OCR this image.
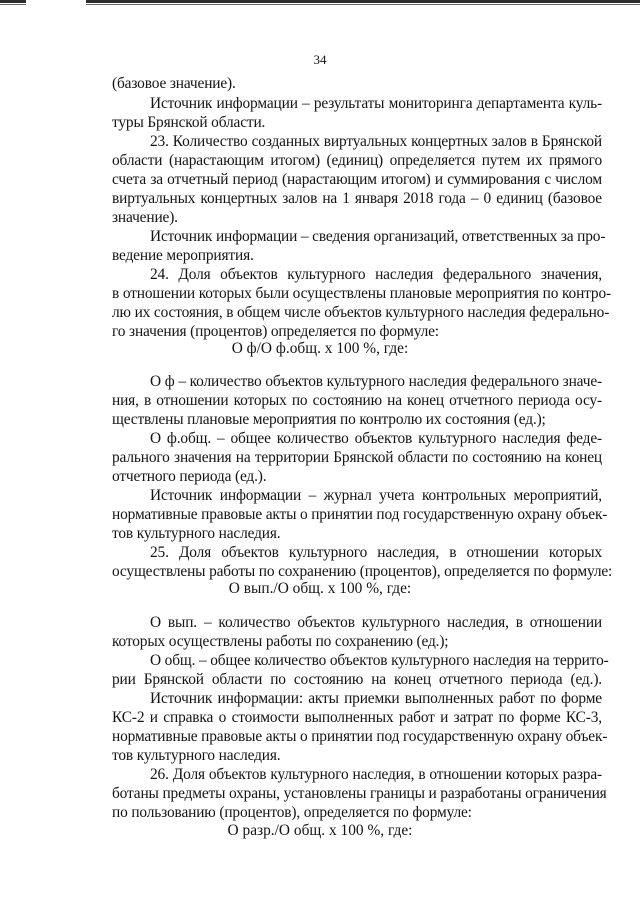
34
(базовое значение).
Источник информации – результаты мониторинга департамента куль-
туры Брянской области.
23. Количество созданных виртуальных концертных залов в Брянской
области (нарастающим итогом) (единиц) определяется путем их прямого
счета за отчетный период (нарастающим итогом) и суммирования с числом
виртуальных концертных залов на 1 января 2018 года – 0 единиц (базовое
значение).
Источник информации – сведения организаций, ответственных за про-
ведение мероприятия.
24. Доля объектов культурного наследия федерального значения,
в отношении которых были осуществлены плановые мероприятия по контро-
лю их состояния, в общем числе объектов культурного наследия федерально-
го значения (процентов) определяется по формуле:
О ф/О ф.общ. х 100 %, где:
О ф – количество объектов культурного наследия федерального значе-
ния, в отношении которых по состоянию на конец отчетного периода осу-
ществлены плановые мероприятия по контролю их состояния (ед.);
О ф.общ. – общее количество объектов культурного наследия феде-
рального значения на территории Брянской области по состоянию на конец
отчетного периода (ед.).
Источник информации – журнал учета контрольных мероприятий,
нормативные правовые акты о принятии под государственную охрану объек-
тов культурного наследия.
25. Доля объектов культурного наследия, в отношении которых
осуществлены работы по сохранению (процентов), определяется по формуле:
О вып./О общ. х 100 %, где:
О вып. – количество объектов культурного наследия, в отношении
которых осуществлены работы по сохранению (ед.);
О общ. – общее количество объектов культурного наследия на террито-
рии Брянской области по состоянию на конец отчетного периода (ед.).
Источник информации: акты приемки выполненных работ по форме
КС-2 и справка о стоимости выполненных работ и затрат по форме КС-3,
нормативные правовые акты о принятии под государственную охрану объек-
тов культурного наследия.
26. Доля объектов культурного наследия, в отношении которых разра-
ботаны предметы охраны, установлены границы и разработаны ограничения
по пользованию (процентов), определяется по формуле:
О разр./О общ. х 100 %, где:
